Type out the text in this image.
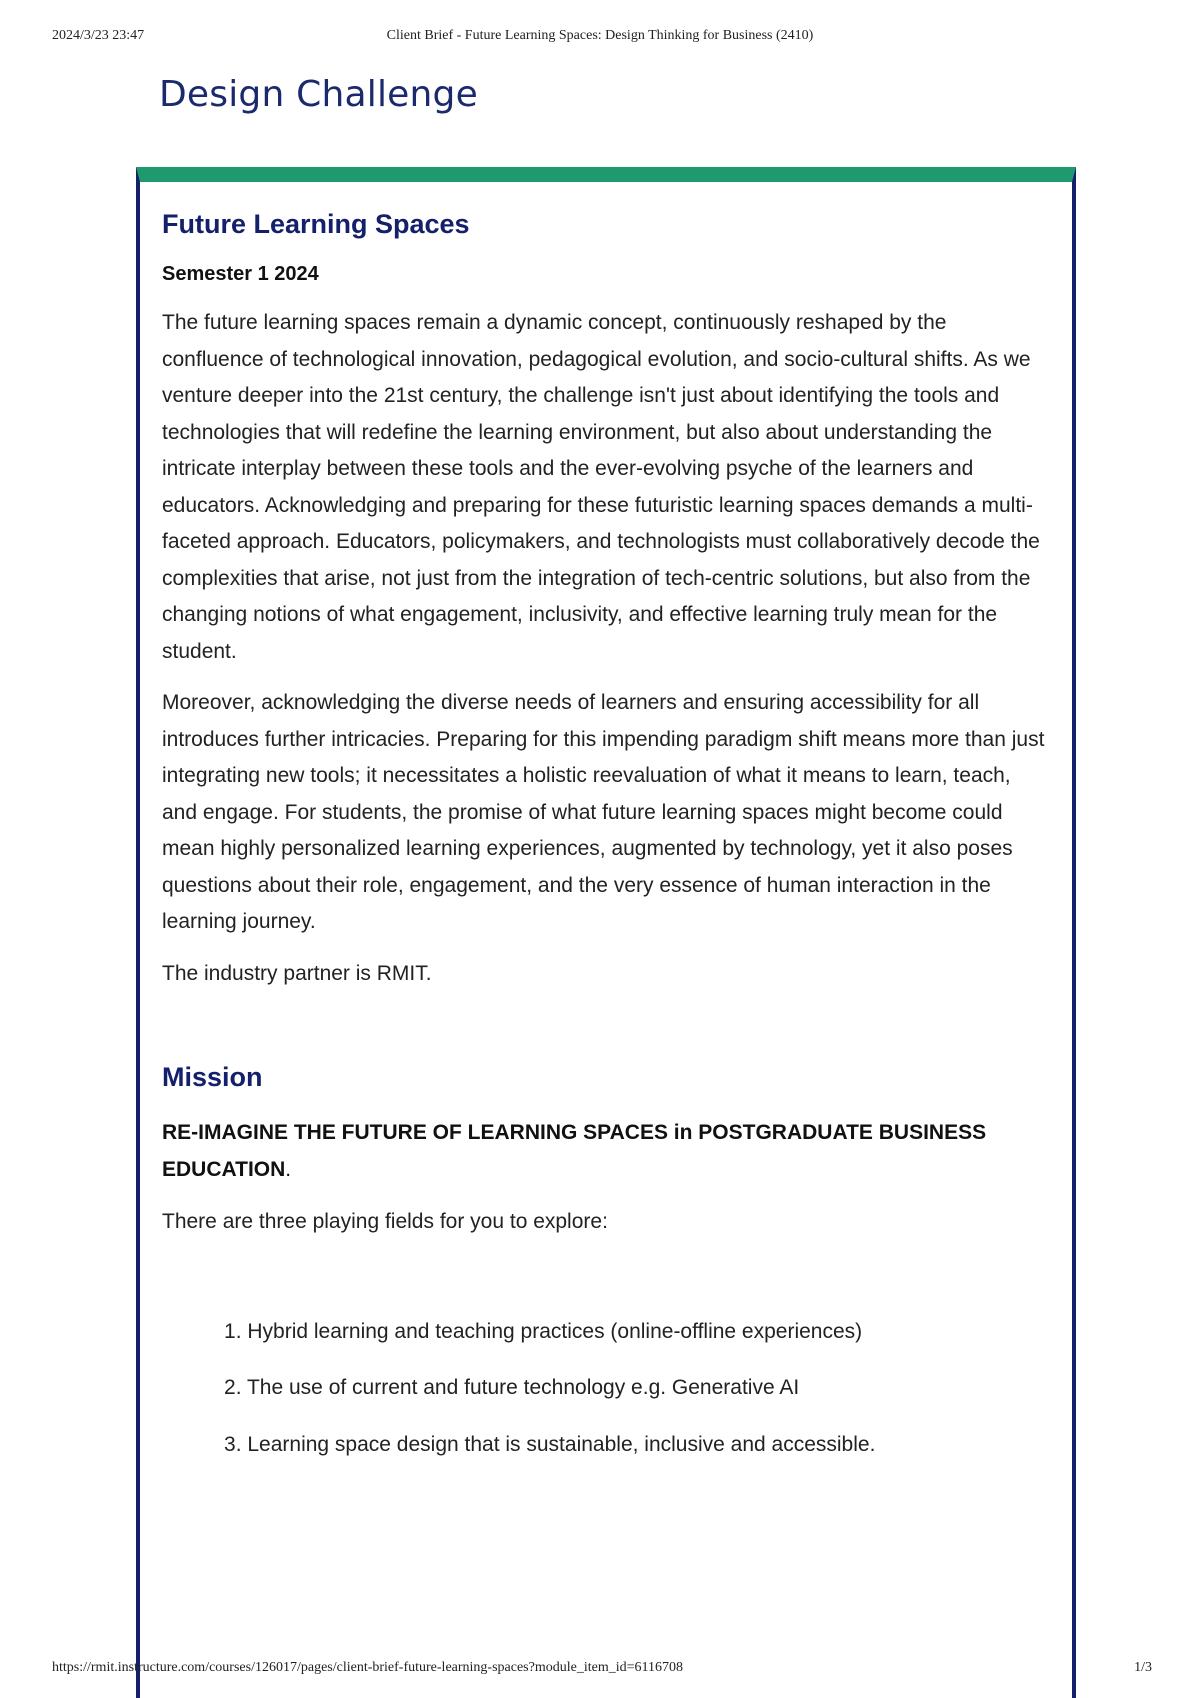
2024/3/23 23:47	Client Brief - Future Learning Spaces: Design Thinking for Business (2410)
Design Challenge
Future Learning Spaces

Semester 1 2024

The future learning spaces remain a dynamic concept, continuously reshaped by the confluence of technological innovation, pedagogical evolution, and socio-cultural shifts. As we venture deeper into the 21st century, the challenge isn't just about identifying the tools and technologies that will redefine the learning environment, but also about understanding the intricate interplay between these tools and the ever-evolving psyche of the learners and educators. Acknowledging and preparing for these futuristic learning spaces demands a multi-faceted approach. Educators, policymakers, and technologists must collaboratively decode the complexities that arise, not just from the integration of tech-centric solutions, but also from the changing notions of what engagement, inclusivity, and effective learning truly mean for the student.

Moreover, acknowledging the diverse needs of learners and ensuring accessibility for all introduces further intricacies. Preparing for this impending paradigm shift means more than just integrating new tools; it necessitates a holistic reevaluation of what it means to learn, teach, and engage. For students, the promise of what future learning spaces might become could mean highly personalized learning experiences, augmented by technology, yet it also poses questions about their role, engagement, and the very essence of human interaction in the learning journey.

The industry partner is RMIT.

Mission

RE-IMAGINE THE FUTURE OF LEARNING SPACES in POSTGRADUATE BUSINESS EDUCATION.

There are three playing fields for you to explore:

Hybrid learning and teaching practices (online-offline experiences)
The use of current and future technology e.g. Generative AI
Learning space design that is sustainable, inclusive and accessible.
https://rmit.instructure.com/courses/126017/pages/client-brief-future-learning-spaces?module_item_id=6116708	1/3
